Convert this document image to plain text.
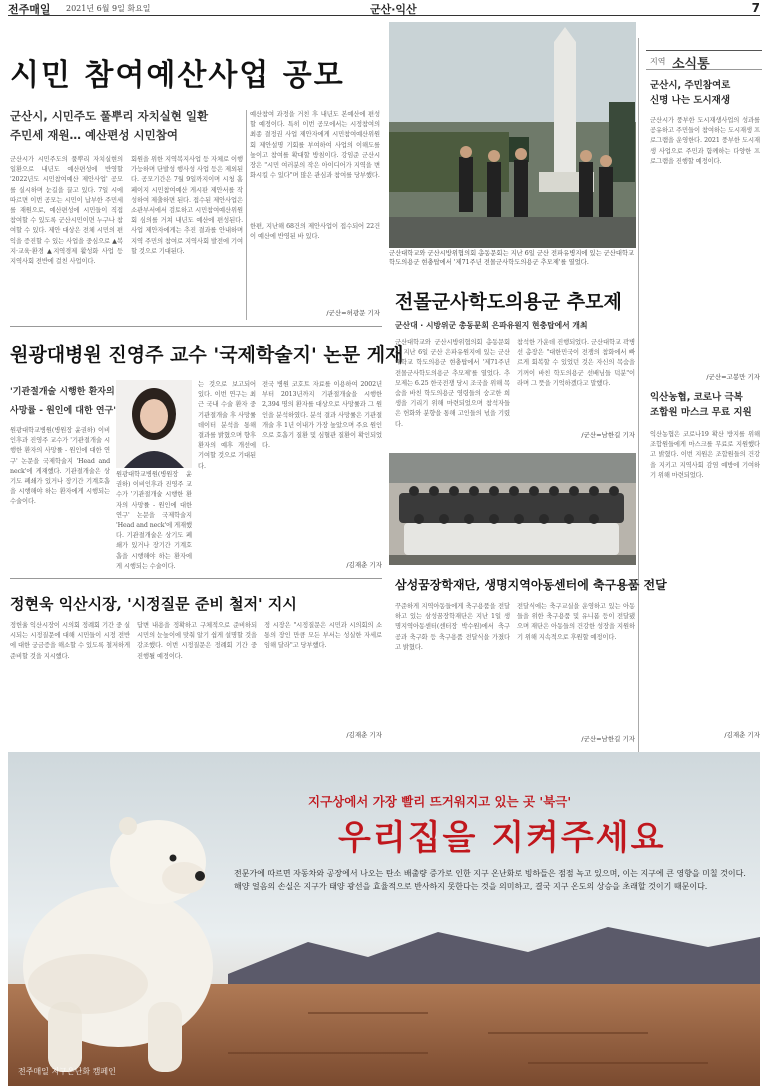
전주매일 2021년 6월 9일 화요일	군산·익산	7
시민 참여예산사업 공모
군산시, 시민주도 풀뿌리 자치실현 일환
주민세 재원… 예산편성 시민참여
군산시가 시민주도의 풀뿌리 자치실현의 일환으로 내년도 예산편성에 반영할 '2022년도 시민참여예산 제안사업' 공모를 실시하며 눈길을 끌고 있다. 7일 시에 따르면 이번 공모는 시민이 납부한 주민세를 재원으로, 예산편성에 시민들이 직접 참여할 수 있도록 군산시민이면 누구나 참여할 수 있다. 제안 대상은 전체 시민의 편익을 증진할 수 있는 사업을 중심으로 ▲복지·교육·환경 ▲지역경제 활성화 사업 등 지역사회 전반에 걸친 사업이다.
회원을 위한 지역복지사업 등 자체로 이행 가능하며 단발성 행사성 사업 등은 제외된다. 공모기간은 7월 9일까지이며 시청 홈페이지 시민참여예산 게시판 제안서를 작성하여 제출하면 된다. 접수된 제안사업은 소관부서에서 검토하고 시민참여예산위원회 심의를 거쳐 내년도 예산에 편성된다. 사업 제안자에게는 추진 결과를 안내하며 지역 주민의 참여로 지역사회 발전에 기여할 것으로 기대된다.
예산참여 과정을 거친 후 내년도 본예산에 편성할 예정이다. 특히 이번 공모에서는 시정참여의 최종 결정권 사업 제안자에게 시민참여예산위원회 제안설명 기회를 부여하여 사업의 이해도를 높이고 참여를 확대할 방침이다. 강임준 군산시장은 "시민 여러분의 작은 아이디어가 지역을 변화시킬 수 있다"며 많은 관심과 참여를 당부했다.
한편, 지난해 68건의 제안사업이 접수되어 22건이 예산에 반영된 바 있다.
/군산=허광문 기자
군산대학교와 군산시방위협의회 총동문회는 지난 6일 군산 전파유병지에 있는 군산대학교 학도의용군 현충탑에서 '제71주년 전몰군사학도의용군 추모제'를 열었다.
원광대병원 진영주 교수 '국제학술지' 논문 게재
'기관절개술 시행한 환자의
사망률 - 원인에 대한 연구'
원광대학교병원(병원장 윤권하) 이비인후과 진영주 교수가 '기관절개술 시행한 환자의 사망률 - 원인에 대한 연구' 논문을 국제학술지 'Head and neck'에 게재했다. 기관절개술은 상기도 폐쇄가 있거나 장기간 기계호흡을 시행해야 하는 환자에게 시행되는 수술이다.
원광대학교병원(병원장 윤권하) 이비인후과 진영주 교수가 '기관절개술 시행한 환자의 사망률 - 원인에 대한 연구' 논문을 국제학술지 'Head and neck'에 게재했다. 기관절개술은 상기도 폐쇄가 있거나 장기간 기계호흡을 시행해야 하는 환자에게 시행되는 수술이다.
는 것으로 보고되어 있다. 이번 연구는 최근 국내 수술 환자 중 기관절개술 후 사망률 데이터 분석을 통해 결과를 밝혔으며 향후 환자의 예후 개선에 기여할 것으로 기대된다.
전국 병원 코호트 자료를 이용하여 2002년부터 2013년까지 기관절개술을 시행한 2,394 명의 환자를 대상으로 사망률과 그 원인을 분석하였다. 분석 결과 사망률은 기관절개술 후 1년 이내가 가장 높았으며 주요 원인으로 호흡기 질환 및 심혈관 질환이 확인되었다.
/김재춘 기자
전몰군사학도의용군 추모제
군산대 · 시방위군 총동문회 은파유원지 현충탑에서 개최
군산대학교와 군산시방위협의회 총동문회는 지난 6일 군산 은파유원지에 있는 군산대학교 학도의용군 현충탑에서 '제71주년 전몰군사학도의용군 추모제'를 열었다. 추모제는 6.25 한국전쟁 당시 조국을 위해 목숨을 바친 학도의용군 영령들의 숭고한 희생을 기리기 위해 마련되었으며 참석자들은 헌화와 분향을 통해 고인들의 넋을 기렸다.
참석한 가운데 진행되었다. 군산대학교 곽병선 총장은 "대한민국이 전쟁의 참화에서 빠르게 회복할 수 있었던 것은 자신의 목숨을 기꺼이 바친 학도의용군 선배님들 덕분"이라며 그 뜻을 기억하겠다고 말했다.
/군산=남한길 기자
삼성꿈장학재단, 생명지역아동센터에 축구용품 전달
꾸준하게 지역아동들에게 축구용품을 전달하고 있는 삼성꿈장학재단은 지난 1일 생명지역아동센터(센터장 박수원)에서 축구공과 축구화 등 축구용품 전달식을 가졌다고 밝혔다.
전달식에는 축구교실을 운영하고 있는 아동들을 위한 축구용품 및 유니폼 등이 전달됐으며 재단은 아동들의 건강한 성장을 지원하기 위해 지속적으로 후원할 예정이다.
/군산=남한길 기자
정현욱 익산시장, '시정질문 준비 철저' 지시
정헌율 익산시장이 시의회 정례회 기간 중 실시되는 시정질문에 대해 시민들이 시정 전반에 대한 궁금증을 해소할 수 있도록 철저하게 준비할 것을 지시했다.
답변 내용을 정확하고 구체적으로 준비하되 시민의 눈높이에 맞춰 알기 쉽게 설명할 것을 강조했다. 이번 시정질문은 정례회 기간 중 진행될 예정이다.
정 시장은 "시정질문은 시민과 시의회의 소통의 장인 만큼 모든 부서는 성실한 자세로 임해 달라"고 당부했다.
/김재춘 기자
지역 소식통
군산시, 주민참여로
신명 나는 도시재생
군산시가 풍부한 도시재생사업의 성과를 공유하고 주민들이 참여하는 도시재생 프로그램을 운영한다. 2021 풍부한 도시재생 사업으로 주민과 함께하는 다양한 프로그램을 진행할 예정이다.
/군산=고봉만 기자
익산농협, 코로나 극복
조합원 마스크 무료 지원
익산농협은 코로나19 확산 방지를 위해 조합원들에게 마스크를 무료로 지원했다고 밝혔다. 이번 지원은 조합원들의 건강을 지키고 지역사회 감염 예방에 기여하기 위해 마련되었다.
/김재춘 기자
지구상에서 가장 빨리 뜨거워지고 있는 곳 '북극'
우리집을 지켜주세요
전문가에 따르면 자동차와 공장에서 나오는 탄소 배출량 증가로 인한 지구 온난화로 빙하들은 점점 녹고 있으며, 이는 지구에 큰 영향을 미칠 것이다. 해양 얼음의 손실은 지구가 태양 광선을 효율적으로 반사하지 못한다는 것을 의미하고, 결국 지구 온도의 상승을 초래할 것이기 때문이다.
전주매일 지구온난화 캠페인
